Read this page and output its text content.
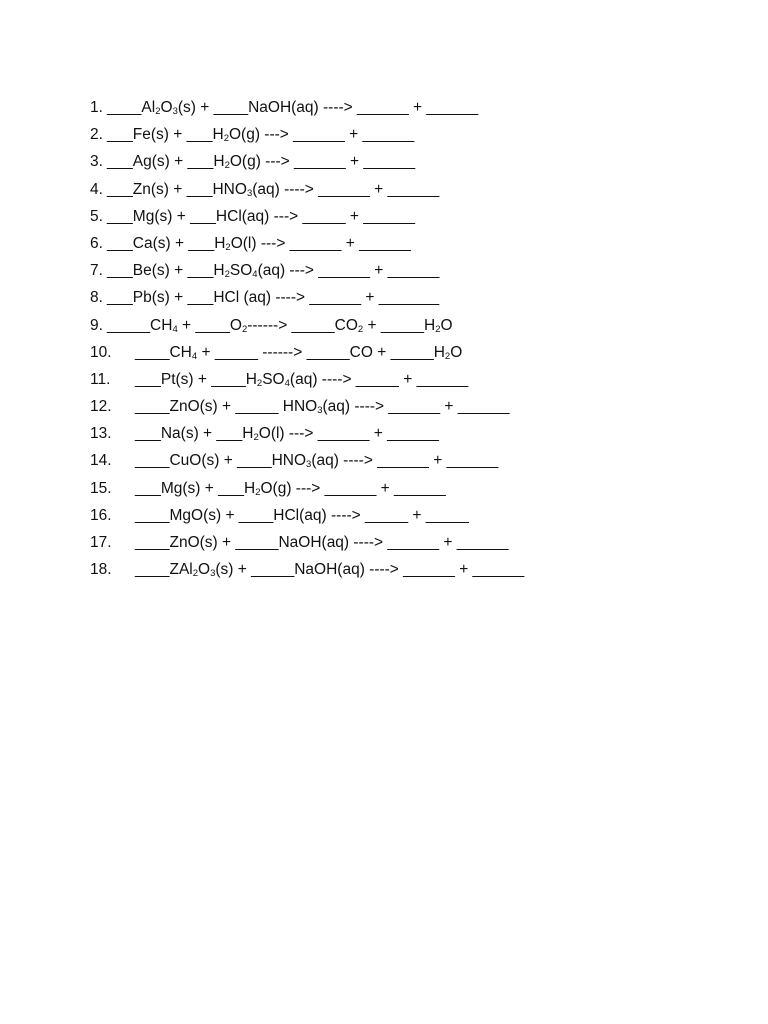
1. $\_\_\_\_Al_2O_3(s)$ + ____NaOH(aq) ----> ______ + ______
2. ___Fe(s) + $\_\_\_H_2O(g)$ ---> ______ + ______
3. ___Ag(s) + $\_\_\_H_2O(g)$ ---> ______ + ______
4. ___Zn(s) + $\_\_\_HNO_3(aq)$ ----> ______ + ______
5. ___Mg(s) + ___HCl(aq) ---> _____ + ______
6. ___Ca(s) + $\_\_\_H_2O(l)$ ---> ______ + ______
7. ___Be(s) + $\_\_\_H_2SO_4(aq)$ ---> ______ + ______
8. ___Pb(s) + ___HCl (aq) ----> ______ + _______
9. $\_\_\_\_\_CH_4$ + $\_\_\_\_O_2------>$ $\_\_\_\_\_CO_2$ + $\_\_\_\_\_H_2O$
10. $\_\_\_\_CH_4$ + _____ ------> _____CO + $\_\_\_\_\_H_2O$
11. ___Pt(s) + $\_\_\_\_H_2SO_4(aq)$ ----> _____ + ______
12. ____ZnO(s) + _____ $HNO_3(aq)$ ----> ______ + ______
13. ___Na(s) + $\_\_\_H_2O(l)$ ---> ______ + ______
14. ____CuO(s) + $\_\_\_\_HNO_3(aq)$ ----> ______ + ______
15. ___Mg(s) + $\_\_\_H_2O(g)$ ---> ______ + ______
16. ____MgO(s) + ____HCl(aq) ----> _____ + _____
17. ____ZnO(s) + _____NaOH(aq) ----> ______ + ______
18. $\_\_\_\_ZAl_2O_3(s)$ + _____NaOH(aq) ----> ______ + ______
